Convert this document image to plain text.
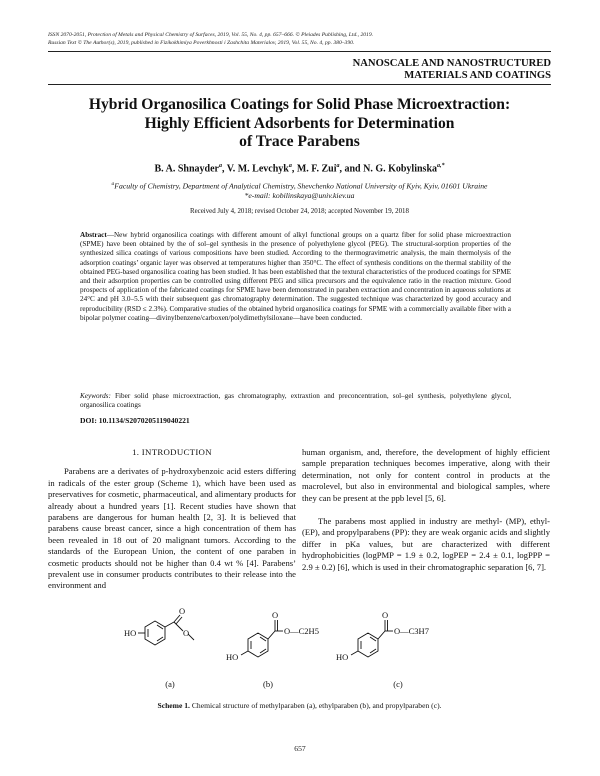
ISSN 2070-2051, Protection of Metals and Physical Chemistry of Surfaces, 2019, Vol. 55, No. 4, pp. 657–666. © Pleiades Publishing, Ltd., 2019.
Russian Text © The Author(s), 2019, published in Fizikokhimiya Poverkhnosti i Zashchita Materialov, 2019, Vol. 55, No. 4, pp. 380–390.
NANOSCALE AND NANOSTRUCTURED
MATERIALS AND COATINGS
Hybrid Organosilica Coatings for Solid Phase Microextraction:
Highly Efficient Adsorbents for Determination
of Trace Parabens
B. A. Shnayder$^a$, V. M. Levchyk$^a$, M. F. Zui$^a$, and N. G. Kobylinska$^{a,*}$
$^a$Faculty of Chemistry, Department of Analytical Chemistry, Shevchenko National University of Kyiv, Kyiv, 01601 Ukraine
*e-mail: kobilinskaya@univ.kiev.ua
Received July 4, 2018; revised October 24, 2018; accepted November 19, 2018
Abstract—New hybrid organosilica coatings with different amount of alkyl functional groups on a quartz fiber for solid phase microextraction (SPME) have been obtained by the of sol–gel synthesis in the presence of polyethylene glycol (PEG). The structural-sorption properties of the synthesized silica coatings of various compositions have been studied. According to the thermogravimetric analysis, the main thermolysis of the adsorption coatings’ organic layer was observed at temperatures higher than 350°C. The effect of synthesis conditions on the thermal stability of the obtained PEG-based organosilica coating has been studied. It has been established that the textural characteristics of the produced coatings for SPME and their adsorption properties can be controlled using different PEG and silica precursors and the equivalence ratio in the reaction mixture. Good prospects of application of the fabricated coatings for SPME have been demonstrated in paraben extraction and concentration in aqueous solutions at 24°C and pH 3.0–5.5 with their subsequent gas chromatography determination. The suggested technique was characterized by good accuracy and reproducibility (RSD ≤ 2.3%). Comparative studies of the obtained hybrid organosilica coatings for SPME with a commercially available fiber with a bipolar polymer coating—divinylbenzene/carboxen/polydimethylsiloxane—have been conducted.
Keywords: Fiber solid phase microextraction, gas chromatography, extraxtion and preconcentration, sol–gel synthesis, polyethylene glycol, organosilica coatings
DOI: 10.1134/S2070205119040221
1. INTRODUCTION

Parabens are a derivates of p-hydroxybenzoic acid esters differing in radicals of the ester group (Scheme 1), which have been used as preservatives for cosmetic, pharmaceutical, and alimentary products for already about a hundred years [1]. Recent studies have shown that parabens are dangerous for human health [2, 3]. It is believed that parabens cause breast cancer, since a high concentration of them has been revealed in 18 out of 20 malignant tumors. According to the standards of the European Union, the content of one paraben in cosmetic products should not be higher than 0.4 wt % [4]. Parabens’ prevalent use in consumer products contributes to their release into the environment and

human organism, and, therefore, the development of highly efficient sample preparation techniques becomes imperative, along with their determination, not only for content control in products at the macrolevel, but also in environmental and biological samples, where they can be present at the ppb level [5, 6].

The parabens most applied in industry are methyl- (MP), ethyl- (EP), and propylparabens (PP): they are weak organic acids and slightly differ in pKa values, but are characterized with different hydrophobicities (logPMP = 1.9 ± 0.2, logPEP = 2.4 ± 0.1, logPPP = 2.9 ± 0.2) [6], which is used in their chromatographic separation [6, 7].

HO
O
O
HO
O
O—C2H5
HO
O
O—C3H7
(a)	(b)	(c)
Scheme 1. Chemical structure of methylparaben (a), ethylparaben (b), and propylparaben (c).
657
